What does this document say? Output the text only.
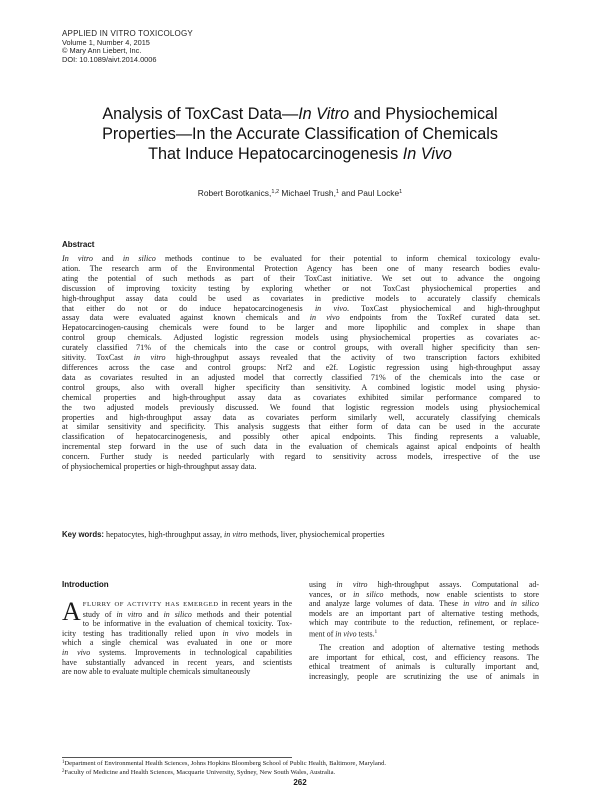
APPLIED IN VITRO TOXICOLOGY
Volume 1, Number 4, 2015
© Mary Ann Liebert, Inc.
DOI: 10.1089/aivt.2014.0006
Analysis of ToxCast Data—In Vitro and Physiochemical
Properties—In the Accurate Classification of Chemicals
That Induce Hepatocarcinogenesis In Vivo
Robert Borotkanics,$^{1,2}$ Michael Trush,$^1$ and Paul Locke$^1$
Abstract
In vitro and in silico methods continue to be evaluated for their potential to inform chemical toxicology evalu-
ation. The research arm of the Environmental Protection Agency has been one of many research bodies evalu-
ating the potential of such methods as part of their ToxCast initiative. We set out to advance the ongoing
discussion of improving toxicity testing by exploring whether or not ToxCast physiochemical properties and
high-throughput assay data could be used as covariates in predictive models to accurately classify chemicals
that either do not or do induce hepatocarcinogenesis in vivo. ToxCast physiochemical and high-throughput
assay data were evaluated against known chemicals and in vivo endpoints from the ToxRef curated data set.
Hepatocarcinogen-causing chemicals were found to be larger and more lipophilic and complex in shape than
control group chemicals. Adjusted logistic regression models using physiochemical properties as covariates ac-
curately classified 71% of the chemicals into the case or control groups, with overall higher specificity than sen-
sitivity. ToxCast in vitro high-throughput assays revealed that the activity of two transcription factors exhibited
differences across the case and control groups: Nrf2 and e2f. Logistic regression using high-throughput assay
data as covariates resulted in an adjusted model that correctly classified 71% of the chemicals into the case or
control groups, also with overall higher specificity than sensitivity. A combined logistic model using physio-
chemical properties and high-throughput assay data as covariates exhibited similar performance compared to
the two adjusted models previously discussed. We found that logistic regression models using physiochemical
properties and high-throughput assay data as covariates perform similarly well, accurately classifying chemicals
at similar sensitivity and specificity. This analysis suggests that either form of data can be used in the accurate
classification of hepatocarcinogenesis, and possibly other apical endpoints. This finding represents a valuable,
incremental step forward in the use of such data in the evaluation of chemicals against apical endpoints of health
concern. Further study is needed particularly with regard to sensitivity across models, irrespective of the use
of physiochemical properties or high-throughput assay data.
Key words: hepatocytes, high-throughput assay, in vitro methods, liver, physiochemical properties
Introduction
A FLURRY OF ACTIVITY HAS EMERGED in recent years in the
study of in vitro and in silico methods and their potential
to be informative in the evaluation of chemical toxicity. Tox-
icity testing has traditionally relied upon in vivo models in
which a single chemical was evaluated in one or more
in vivo systems. Improvements in technological capabilities
have substantially advanced in recent years, and scientists
are now able to evaluate multiple chemicals simultaneously
using in vitro high-throughput assays. Computational ad-
vances, or in silico methods, now enable scientists to store
and analyze large volumes of data. These in vitro and in silico
models are an important part of alternative testing methods,
which may contribute to the reduction, refinement, or replace-
ment of in vivo tests.$^1$
The creation and adoption of alternative testing methods
are important for ethical, cost, and efficiency reasons. The
ethical treatment of animals is culturally important and,
increasingly, people are scrutinizing the use of animals in
$^1$Department of Environmental Health Sciences, Johns Hopkins Bloomberg School of Public Health, Baltimore, Maryland.
$^2$Faculty of Medicine and Health Sciences, Macquarie University, Sydney, New South Wales, Australia.
262
